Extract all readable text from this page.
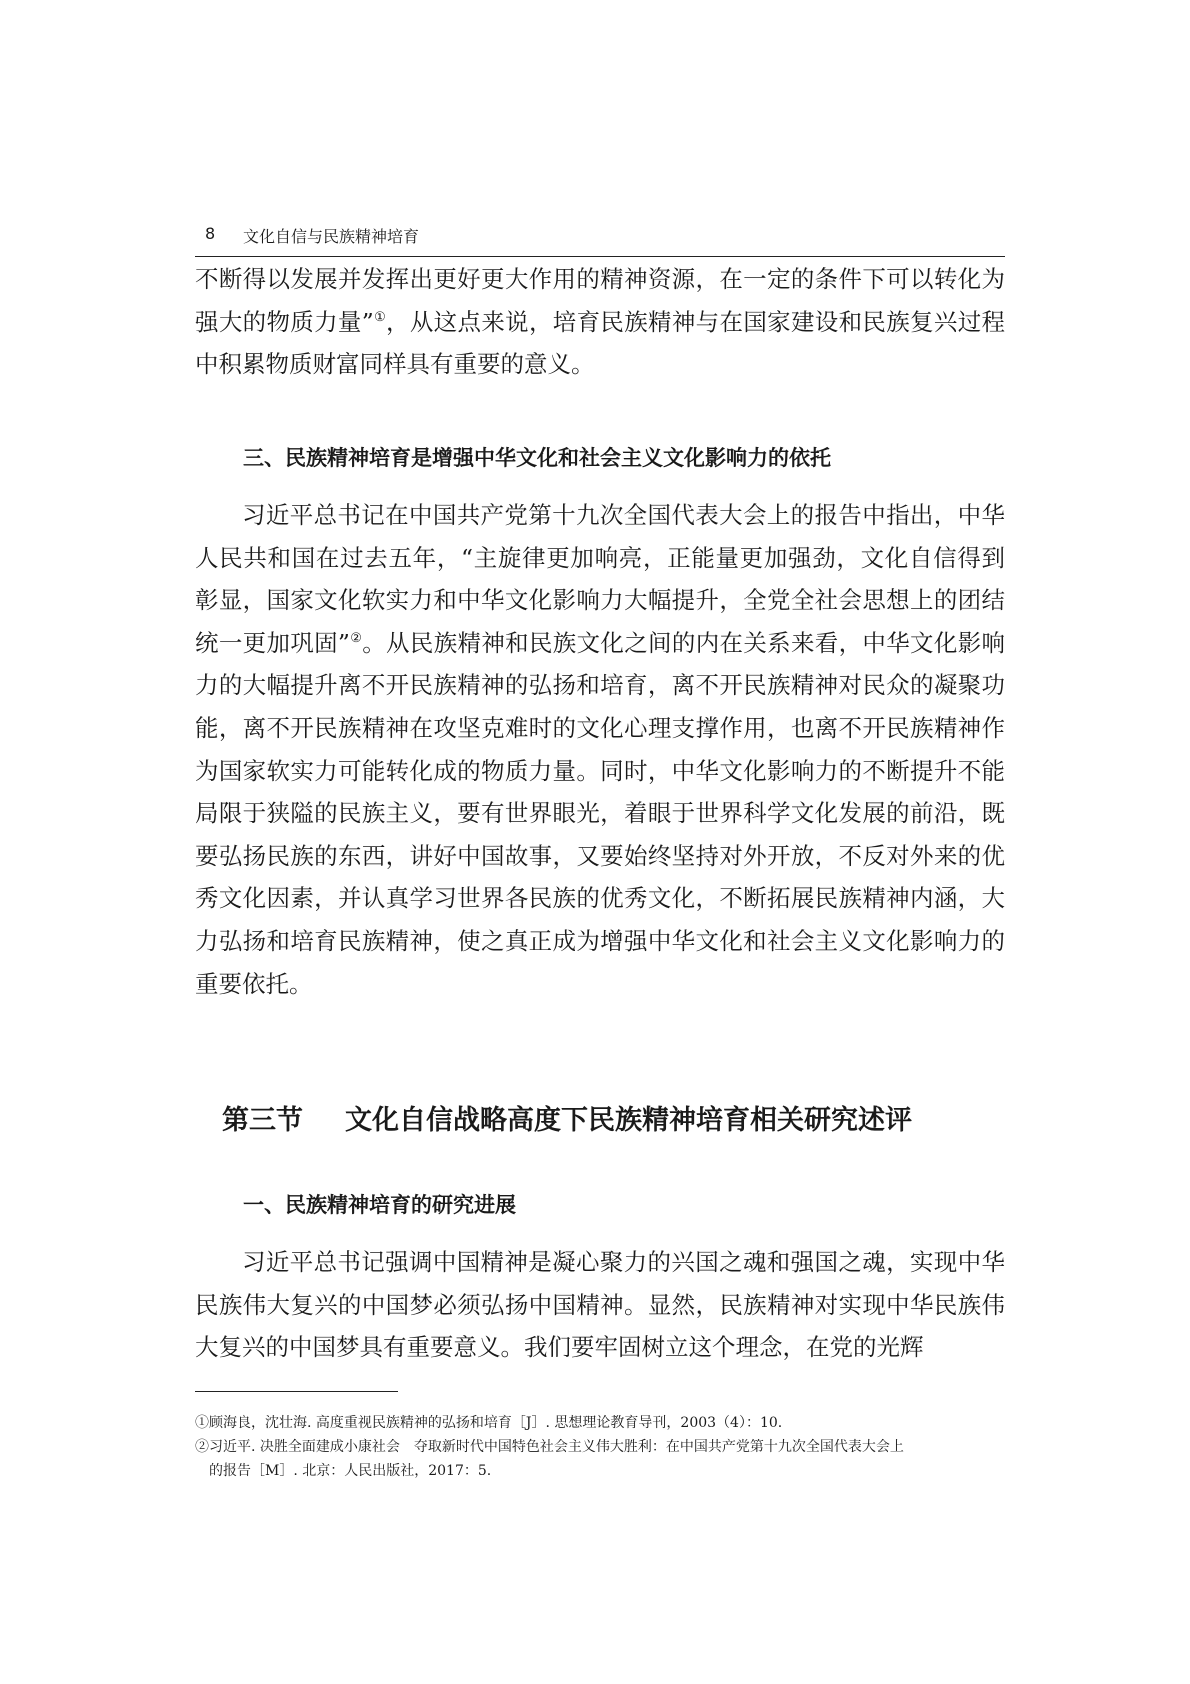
8 文化自信与民族精神培育

不断得以发展并发挥出更好更大作用的精神资源，在一定的条件下可以转化为强大的物质力量”①，从这点来说，培育民族精神与在国家建设和民族复兴过程中积累物质财富同样具有重要的意义。

三、民族精神培育是增强中华文化和社会主义文化影响力的依托

习近平总书记在中国共产党第十九次全国代表大会上的报告中指出，中华人民共和国在过去五年，“主旋律更加响亮，正能量更加强劲，文化自信得到彰显，国家文化软实力和中华文化影响力大幅提升，全党全社会思想上的团结统一更加巩固”②。从民族精神和民族文化之间的内在关系来看，中华文化影响力的大幅提升离不开民族精神的弘扬和培育，离不开民族精神对民众的凝聚功能，离不开民族精神在攻坚克难时的文化心理支撑作用，也离不开民族精神作为国家软实力可能转化成的物质力量。同时，中华文化影响力的不断提升不能局限于狭隘的民族主义，要有世界眼光，着眼于世界科学文化发展的前沿，既要弘扬民族的东西，讲好中国故事，又要始终坚持对外开放，不反对外来的优秀文化因素，并认真学习世界各民族的优秀文化，不断拓展民族精神内涵，大力弘扬和培育民族精神，使之真正成为增强中华文化和社会主义文化影响力的重要依托。

第三节 文化自信战略高度下民族精神培育相关研究述评
一、民族精神培育的研究进展

习近平总书记强调中国精神是凝心聚力的兴国之魂和强国之魂，实现中华民族伟大复兴的中国梦必须弘扬中国精神。显然，民族精神对实现中华民族伟大复兴的中国梦具有重要意义。我们要牢固树立这个理念，在党的光辉

①顾海良，沈壮海. 高度重视民族精神的弘扬和培育［J］. 思想理论教育导刊，2003（4）：10.

②习近平. 决胜全面建成小康社会　夺取新时代中国特色社会主义伟大胜利：在中国共产党第十九次全国代表大会上

的报告［M］. 北京：人民出版社，2017：5.
